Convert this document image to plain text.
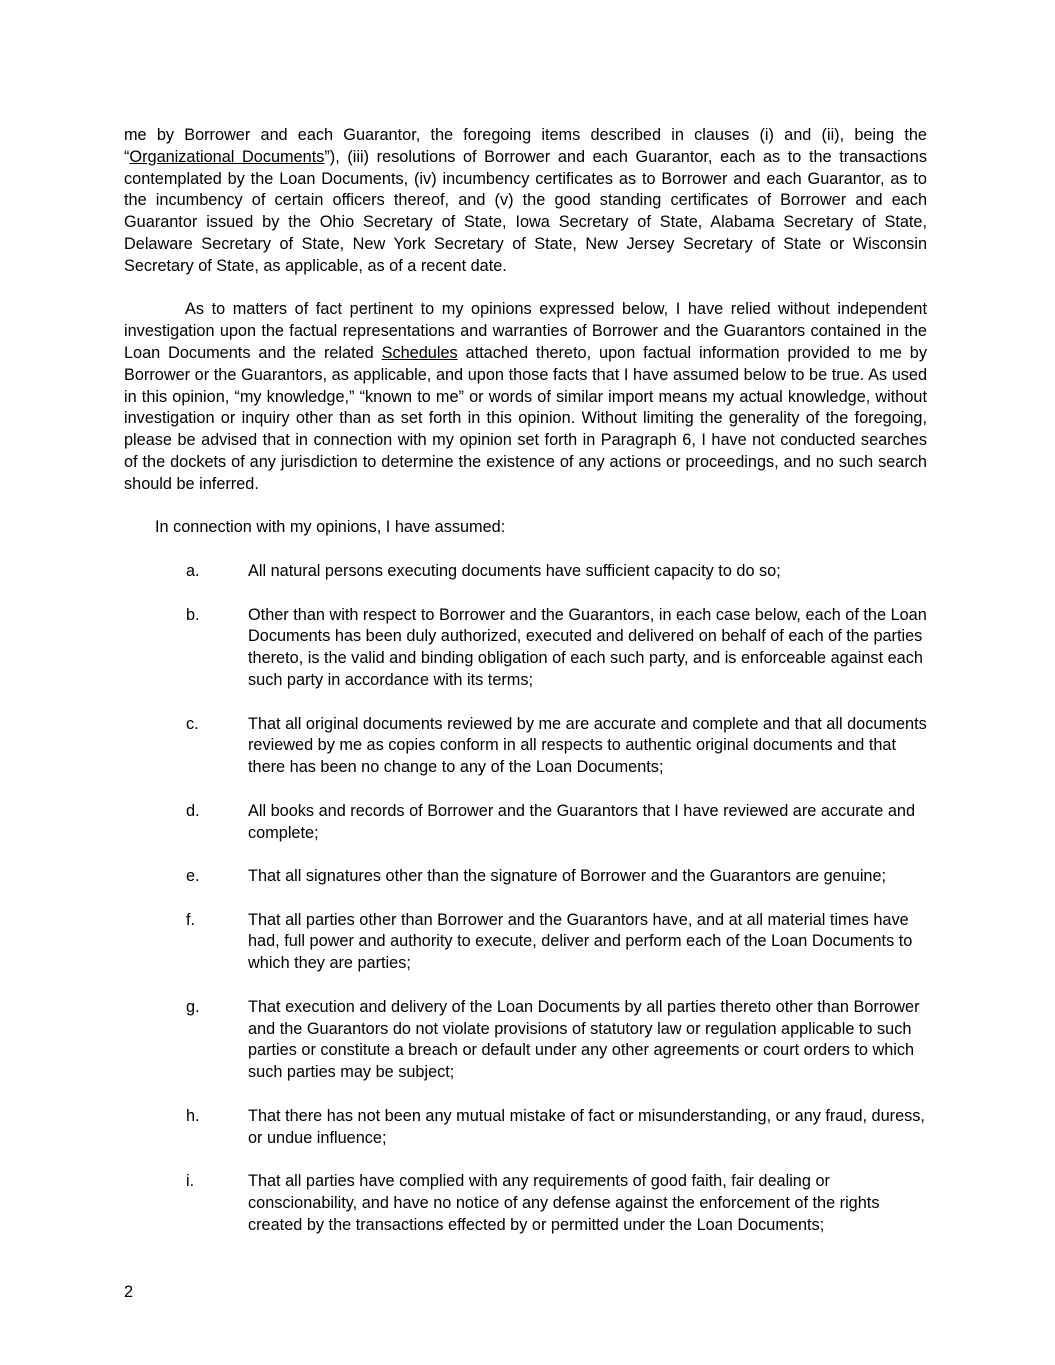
me by Borrower and each Guarantor, the foregoing items described in clauses (i) and (ii), being the “Organizational Documents”), (iii) resolutions of Borrower and each Guarantor, each as to the transactions contemplated by the Loan Documents, (iv) incumbency certificates as to Borrower and each Guarantor, as to the incumbency of certain officers thereof, and (v) the good standing certificates of Borrower and each Guarantor issued by the Ohio Secretary of State, Iowa Secretary of State, Alabama Secretary of State, Delaware Secretary of State, New York Secretary of State, New Jersey Secretary of State or Wisconsin Secretary of State, as applicable, as of a recent date.

As to matters of fact pertinent to my opinions expressed below, I have relied without independent investigation upon the factual representations and warranties of Borrower and the Guarantors contained in the Loan Documents and the related Schedules attached thereto, upon factual information provided to me by Borrower or the Guarantors, as applicable, and upon those facts that I have assumed below to be true. As used in this opinion, “my knowledge,” “known to me” or words of similar import means my actual knowledge, without investigation or inquiry other than as set forth in this opinion. Without limiting the generality of the foregoing, please be advised that in connection with my opinion set forth in Paragraph 6, I have not conducted searches of the dockets of any jurisdiction to determine the existence of any actions or proceedings, and no such search should be inferred.

In connection with my opinions, I have assumed:

a.	All natural persons executing documents have sufficient capacity to do so;
b.	Other than with respect to Borrower and the Guarantors, in each case below, each of the Loan Documents has been duly authorized, executed and delivered on behalf of each of the parties thereto, is the valid and binding obligation of each such party, and is enforceable against each such party in accordance with its terms;
c.	That all original documents reviewed by me are accurate and complete and that all documents reviewed by me as copies conform in all respects to authentic original documents and that there has been no change to any of the Loan Documents;
d.	All books and records of Borrower and the Guarantors that I have reviewed are accurate and complete;
e.	That all signatures other than the signature of Borrower and the Guarantors are genuine;
f.	That all parties other than Borrower and the Guarantors have, and at all material times have had, full power and authority to execute, deliver and perform each of the Loan Documents to which they are parties;
g.	That execution and delivery of the Loan Documents by all parties thereto other than Borrower and the Guarantors do not violate provisions of statutory law or regulation applicable to such parties or constitute a breach or default under any other agreements or court orders to which such parties may be subject;
h.	That there has not been any mutual mistake of fact or misunderstanding, or any fraud, duress, or undue influence;
i.	That all parties have complied with any requirements of good faith, fair dealing or conscionability, and have no notice of any defense against the enforcement of the rights created by the transactions effected by or permitted under the Loan Documents;
2
